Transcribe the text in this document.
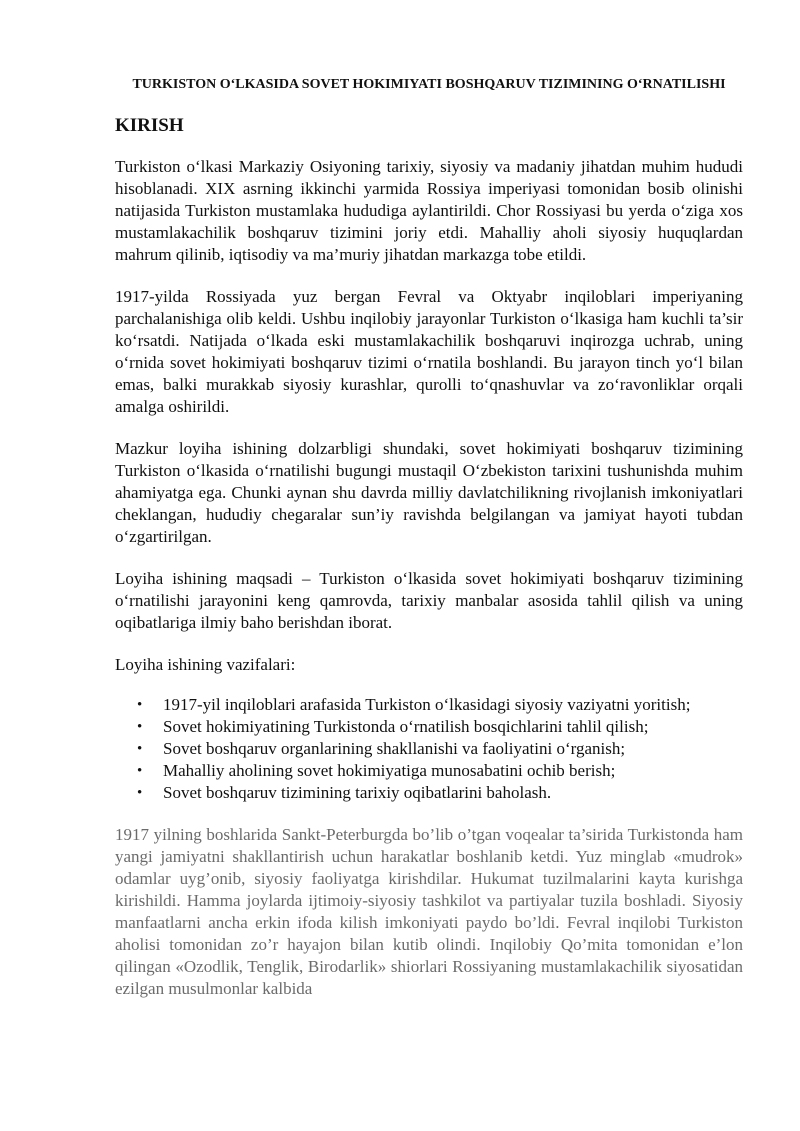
TURKISTON O‘LKASIDA SOVET HOKIMIYATI BOSHQARUV TIZIMINING O‘RNATILISHI
KIRISH

Turkiston o‘lkasi Markaziy Osiyoning tarixiy, siyosiy va madaniy jihatdan muhim hududi hisoblanadi. XIX asrning ikkinchi yarmida Rossiya imperiyasi tomonidan bosib olinishi natijasida Turkiston mustamlaka hududiga aylantirildi. Chor Rossiyasi bu yerda o‘ziga xos mustamlakachilik boshqaruv tizimini joriy etdi. Mahalliy aholi siyosiy huquqlardan mahrum qilinib, iqtisodiy va ma’muriy jihatdan markazga tobe etildi.

1917-yilda Rossiyada yuz bergan Fevral va Oktyabr inqiloblari imperiyaning parchalanishiga olib keldi. Ushbu inqilobiy jarayonlar Turkiston o‘lkasiga ham kuchli ta’sir ko‘rsatdi. Natijada o‘lkada eski mustamlakachilik boshqaruvi inqirozga uchrab, uning o‘rnida sovet hokimiyati boshqaruv tizimi o‘rnatila boshlandi. Bu jarayon tinch yo‘l bilan emas, balki murakkab siyosiy kurashlar, qurolli to‘qnashuvlar va zo‘ravonliklar orqali amalga oshirildi.

Mazkur loyiha ishining dolzarbligi shundaki, sovet hokimiyati boshqaruv tizimining Turkiston o‘lkasida o‘rnatilishi bugungi mustaqil O‘zbekiston tarixini tushunishda muhim ahamiyatga ega. Chunki aynan shu davrda milliy davlatchilikning rivojlanish imkoniyatlari cheklangan, hududiy chegaralar sun’iy ravishda belgilangan va jamiyat hayoti tubdan o‘zgartirilgan.

Loyiha ishining maqsadi – Turkiston o‘lkasida sovet hokimiyati boshqaruv tizimining o‘rnatilishi jarayonini keng qamrovda, tarixiy manbalar asosida tahlil qilish va uning oqibatlariga ilmiy baho berishdan iborat.

Loyiha ishining vazifalari:

• 1917-yil inqiloblari arafasida Turkiston o‘lkasidagi siyosiy vaziyatni yoritish;
• Sovet hokimiyatining Turkistonda o‘rnatilish bosqichlarini tahlil qilish;
• Sovet boshqaruv organlarining shakllanishi va faoliyatini o‘rganish;
• Mahalliy aholining sovet hokimiyatiga munosabatini ochib berish;
• Sovet boshqaruv tizimining tarixiy oqibatlarini baholash.

1917 yilning boshlarida Sankt-Peterburgda bo’lib o’tgan voqealar ta’sirida Turkistonda ham yangi jamiyatni shakllantirish uchun harakatlar boshlanib ketdi. Yuz minglab «mudrok» odamlar uyg’onib, siyosiy faoliyatga kirishdilar. Hukumat tuzilmalarini kayta kurishga kirishildi. Hamma joylarda ijtimoiy-siyosiy tashkilot va partiyalar tuzila boshladi. Siyosiy manfaatlarni ancha erkin ifoda kilish imkoniyati paydo bo’ldi. Fevral inqilobi Turkiston aholisi tomonidan zo’r hayajon bilan kutib olindi. Inqilobiy Qo’mita tomonidan e’lon qilingan «Ozodlik, Tenglik, Birodarlik» shiorlari Rossiyaning mustamlakachilik siyosatidan ezilgan musulmonlar kalbida
